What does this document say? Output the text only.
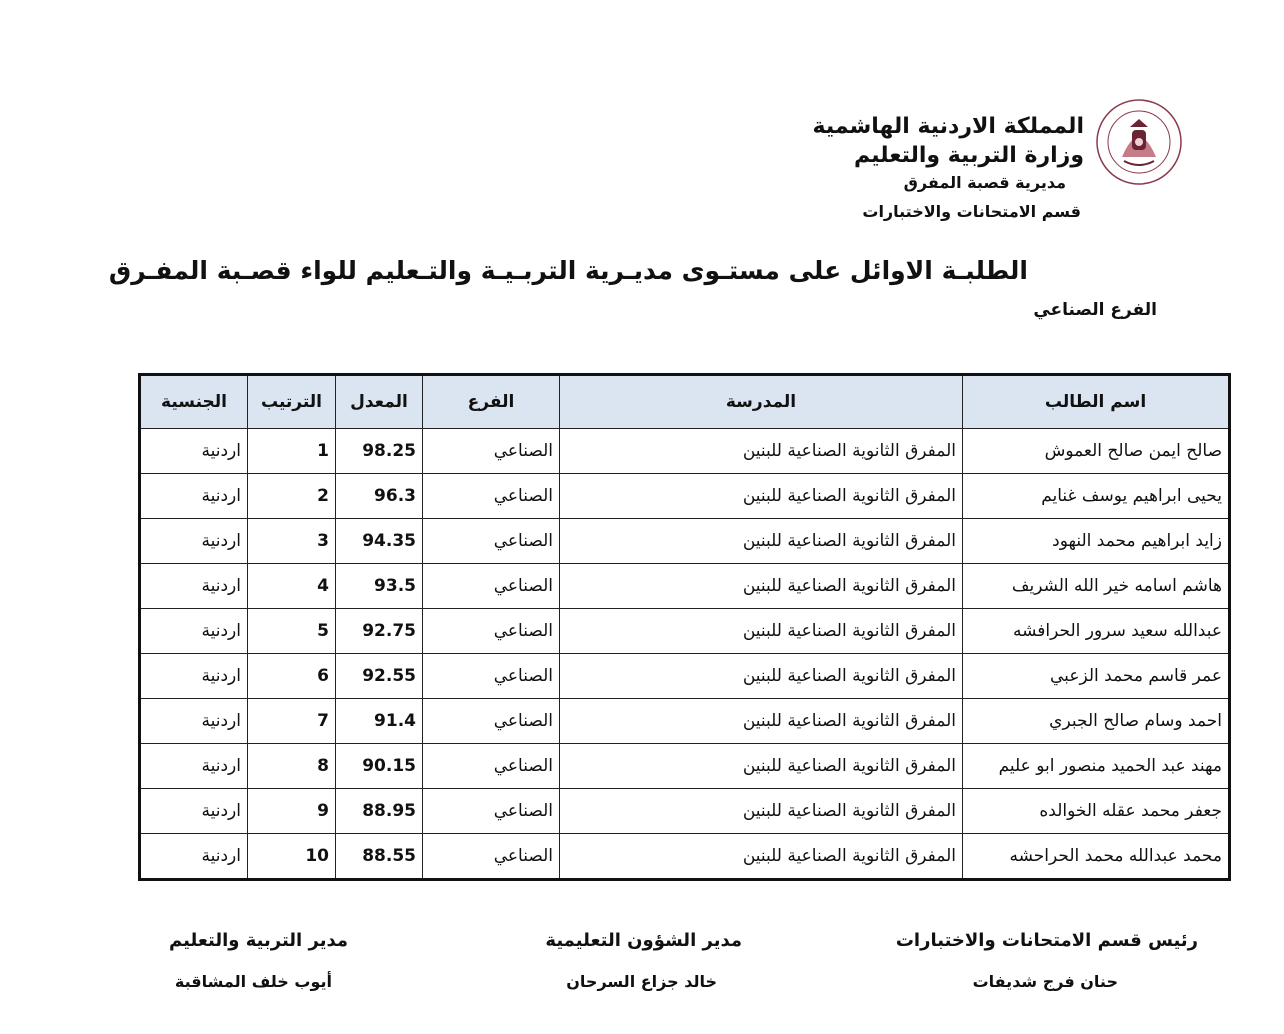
المملكة الاردنية الهاشمية
وزارة التربية والتعليم
مديرية قصبة المفرق
قسم الامتحانات والاختبارات
الطلبـة الاوائل على مستـوى مديـرية التربـيـة والتـعليم للواء قصـبة المفـرق
الفرع الصناعي
اسم الطالب	المدرسة	الفرع	المعدل	الترتيب	الجنسية
صالح ايمن صالح العموش	المفرق الثانوية الصناعية للبنين	الصناعي	98.25	1	اردنية
يحيى ابراهيم يوسف غنايم	المفرق الثانوية الصناعية للبنين	الصناعي	96.3	2	اردنية
زايد ابراهيم محمد النهود	المفرق الثانوية الصناعية للبنين	الصناعي	94.35	3	اردنية
هاشم اسامه خير الله الشريف	المفرق الثانوية الصناعية للبنين	الصناعي	93.5	4	اردنية
عبدالله سعيد سرور الحرافشه	المفرق الثانوية الصناعية للبنين	الصناعي	92.75	5	اردنية
عمر قاسم محمد الزعبي	المفرق الثانوية الصناعية للبنين	الصناعي	92.55	6	اردنية
احمد وسام صالح الجبري	المفرق الثانوية الصناعية للبنين	الصناعي	91.4	7	اردنية
مهند عبد الحميد منصور ابو عليم	المفرق الثانوية الصناعية للبنين	الصناعي	90.15	8	اردنية
جعفر محمد عقله الخوالده	المفرق الثانوية الصناعية للبنين	الصناعي	88.95	9	اردنية
محمد عبدالله محمد الحراحشه	المفرق الثانوية الصناعية للبنين	الصناعي	88.55	10	اردنية
رئيس قسم الامتحانات والاختبارات
حنان فرج شديفات
مدير الشؤون التعليمية
خالد جزاع السرحان
مدير التربية والتعليم
أيوب خلف المشاقبة
